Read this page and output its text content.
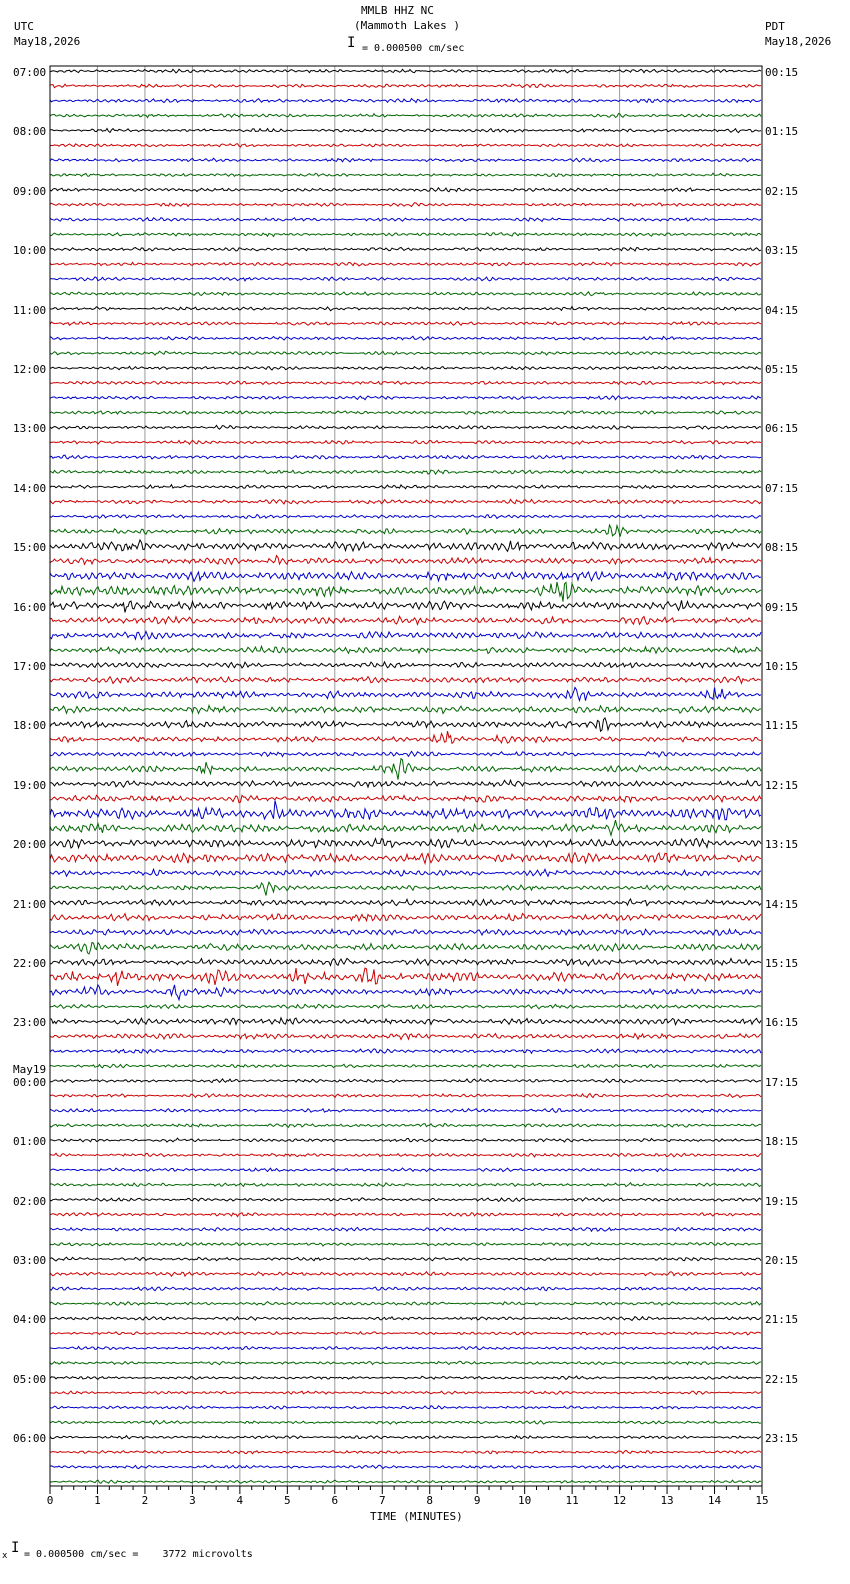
MMLB HHZ NC
(Mammoth Lakes )
UTC
May18,2026
PDT
May18,2026
I = 0.000500 cm/sec
0	1	2	3	4	5	6	7	8	9	10	11	12	13	14	15
07:00
08:00
09:00
10:00
11:00
12:00
13:00
14:00
15:00
16:00
17:00
18:00
19:00
20:00
21:00
22:00
23:00
00:00
01:00
02:00
03:00
04:00
05:00
06:00
May19
00:15
01:15
02:15
03:15
04:15
05:15
06:15
07:15
08:15
09:15
10:15
11:15
12:15
13:15
14:15
15:15
16:15
17:15
18:15
19:15
20:15
21:15
22:15
23:15
TIME (MINUTES)
x I = 0.000500 cm/sec =    3772 microvolts
